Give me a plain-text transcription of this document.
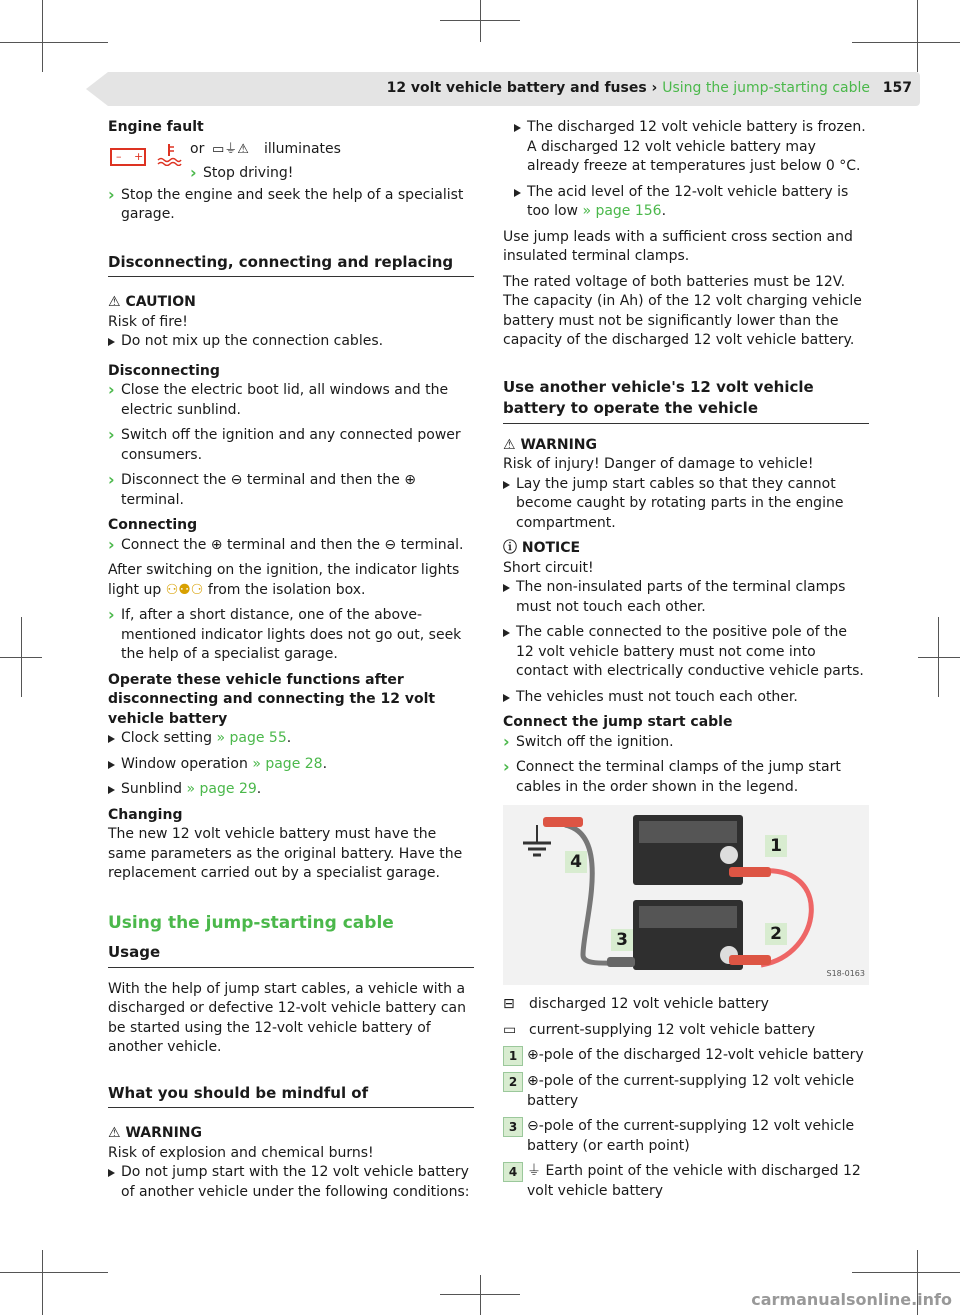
12 volt vehicle battery and fuses › Using the jump-starting cable 157

Engine fault

– +	or ▭⏚⚠ illuminates
› Stop driving!
› Stop the engine and seek the help of a specialist garage.
Disconnecting, connecting and replacing
⚠ CAUTION
Risk of fire!
Do not mix up the connection cables.

Disconnecting

› Close the electric boot lid, all windows and the electric sunblind.
› Switch off the ignition and any connected power consumers.
› Disconnect the ⊖ terminal and then the ⊕ terminal.

Connecting

› Connect the ⊕ terminal and then the ⊖ terminal.

After switching on the ignition, the indicator lights light up ⚇⚉⚆ from the isolation box.

› If, after a short distance, one of the above-mentioned indicator lights does not go out, seek the help of a specialist garage.

Operate these vehicle functions after disconnecting and connecting the 12 volt vehicle battery

Clock setting » page 55.
Window operation » page 28.
Sunblind » page 29.

Changing

The new 12 volt vehicle battery must have the same parameters as the original battery. Have the replacement carried out by a specialist garage.

Using the jump-starting cable
Usage

With the help of jump start cables, a vehicle with a discharged or defective 12-volt vehicle battery can be started using the 12-volt vehicle battery of another vehicle.

What you should be mindful of
⚠ WARNING
Risk of explosion and chemical burns!
Do not jump start with the 12 volt vehicle battery of another vehicle under the following conditions:
The discharged 12 volt vehicle battery is frozen. A discharged 12 volt vehicle battery may already freeze at temperatures just below 0 °C.
The acid level of the 12-volt vehicle battery is too low » page 156.

Use jump leads with a sufficient cross section and insulated terminal clamps.

The rated voltage of both batteries must be 12V. The capacity (in Ah) of the 12 volt charging vehicle battery must not be significantly lower than the capacity of the discharged 12 volt vehicle battery.

Use another vehicle's 12 volt vehicle battery to operate the vehicle
⚠ WARNING
Risk of injury! Danger of damage to vehicle!
Lay the jump start cables so that they cannot become caught by rotating parts in the engine compartment.
ⓘ NOTICE
Short circuit!
The non-insulated parts of the terminal clamps must not touch each other.
The cable connected to the positive pole of the 12 volt vehicle battery must not come into contact with electrically conductive vehicle parts.
The vehicles must not touch each other.

Connect the jump start cable

› Switch off the ignition.
› Connect the terminal clamps of the jump start cables in the order shown in the legend.
1
2
3
4
S18-0163
⊟	discharged 12 volt vehicle battery
▭ current-supplying 12 volt vehicle battery
1 ⊕-pole of the discharged 12-volt vehicle battery
2 ⊕-pole of the current-supplying 12 volt vehicle battery
3 ⊖-pole of the current-supplying 12 volt vehicle battery (or earth point)
4 ⏚ Earth point of the vehicle with discharged 12 volt vehicle battery
carmanualsonline.info
